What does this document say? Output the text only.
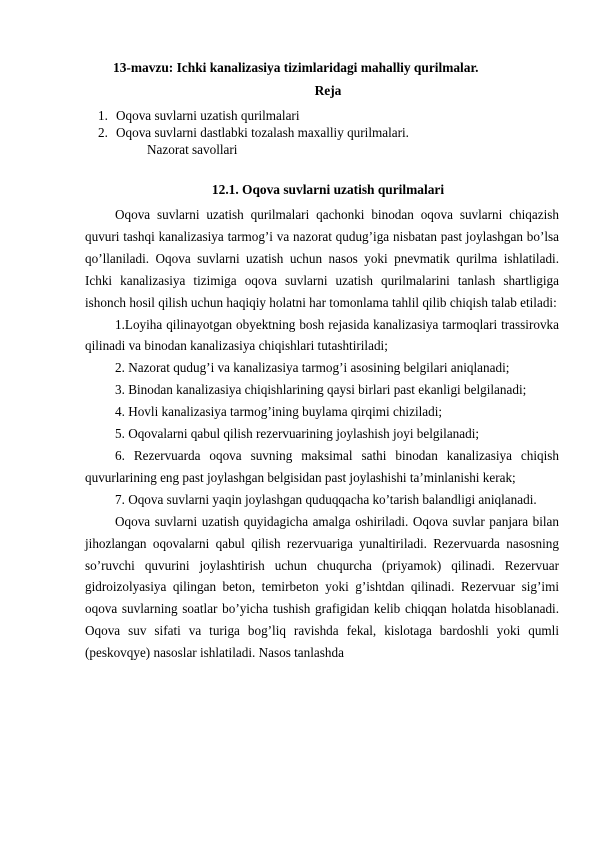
13-mavzu: Ichki kanalizasiya tizimlaridagi mahalliy qurilmalar.
Reja
1. Oqova suvlarni uzatish qurilmalari
2. Oqova suvlarni dastlabki tozalash maxalliy qurilmalari.
Nazorat savollari
12.1. Oqova suvlarni uzatish qurilmalari

Oqova suvlarni uzatish qurilmalari qachonki binodan oqova suvlarni chiqazish quvuri tashqi kanalizasiya tarmog’i va nazorat qudug’iga nisbatan past joylashgan bo’lsa qo’llaniladi. Oqova suvlarni uzatish uchun nasos yoki pnevmatik qurilma ishlatiladi. Ichki kanalizasiya tizimiga oqova suvlarni uzatish qurilmalarini tanlash shartligiga ishonch hosil qilish uchun haqiqiy holatni har tomonlama tahlil qilib chiqish talab etiladi:

1.Loyiha qilinayotgan obyektning bosh rejasida kanalizasiya tarmoqlari trassirovka qilinadi va binodan kanalizasiya chiqishlari tutashtiriladi;

2. Nazorat qudug’i va kanalizasiya tarmog’i asosining belgilari aniqlanadi;

3. Binodan kanalizasiya chiqishlarining qaysi birlari past ekanligi belgilanadi;

4. Hovli kanalizasiya tarmog’ining buylama qirqimi chiziladi;

5. Oqovalarni qabul qilish rezervuarining joylashish joyi belgilanadi;

6. Rezervuarda oqova suvning maksimal sathi binodan kanalizasiya chiqish quvurlarining eng past joylashgan belgisidan past joylashishi ta’minlanishi kerak;

7. Oqova suvlarni yaqin joylashgan quduqqacha ko’tarish balandligi aniqlanadi.

Oqova suvlarni uzatish quyidagicha amalga oshiriladi. Oqova suvlar panjara bilan jihozlangan oqovalarni qabul qilish rezervuariga yunaltiriladi. Rezervuarda nasosning so’ruvchi quvurini joylashtirish uchun chuqurcha (priyamok) qilinadi. Rezervuar gidroizolyasiya qilingan beton, temirbeton yoki g’ishtdan qilinadi. Rezervuar sig’imi oqova suvlarning soatlar bo’yicha tushish grafigidan kelib chiqqan holatda hisoblanadi. Oqova suv sifati va turiga bog’liq ravishda fekal, kislotaga bardoshli yoki qumli (peskovqye) nasoslar ishlatiladi. Nasos tanlashda
